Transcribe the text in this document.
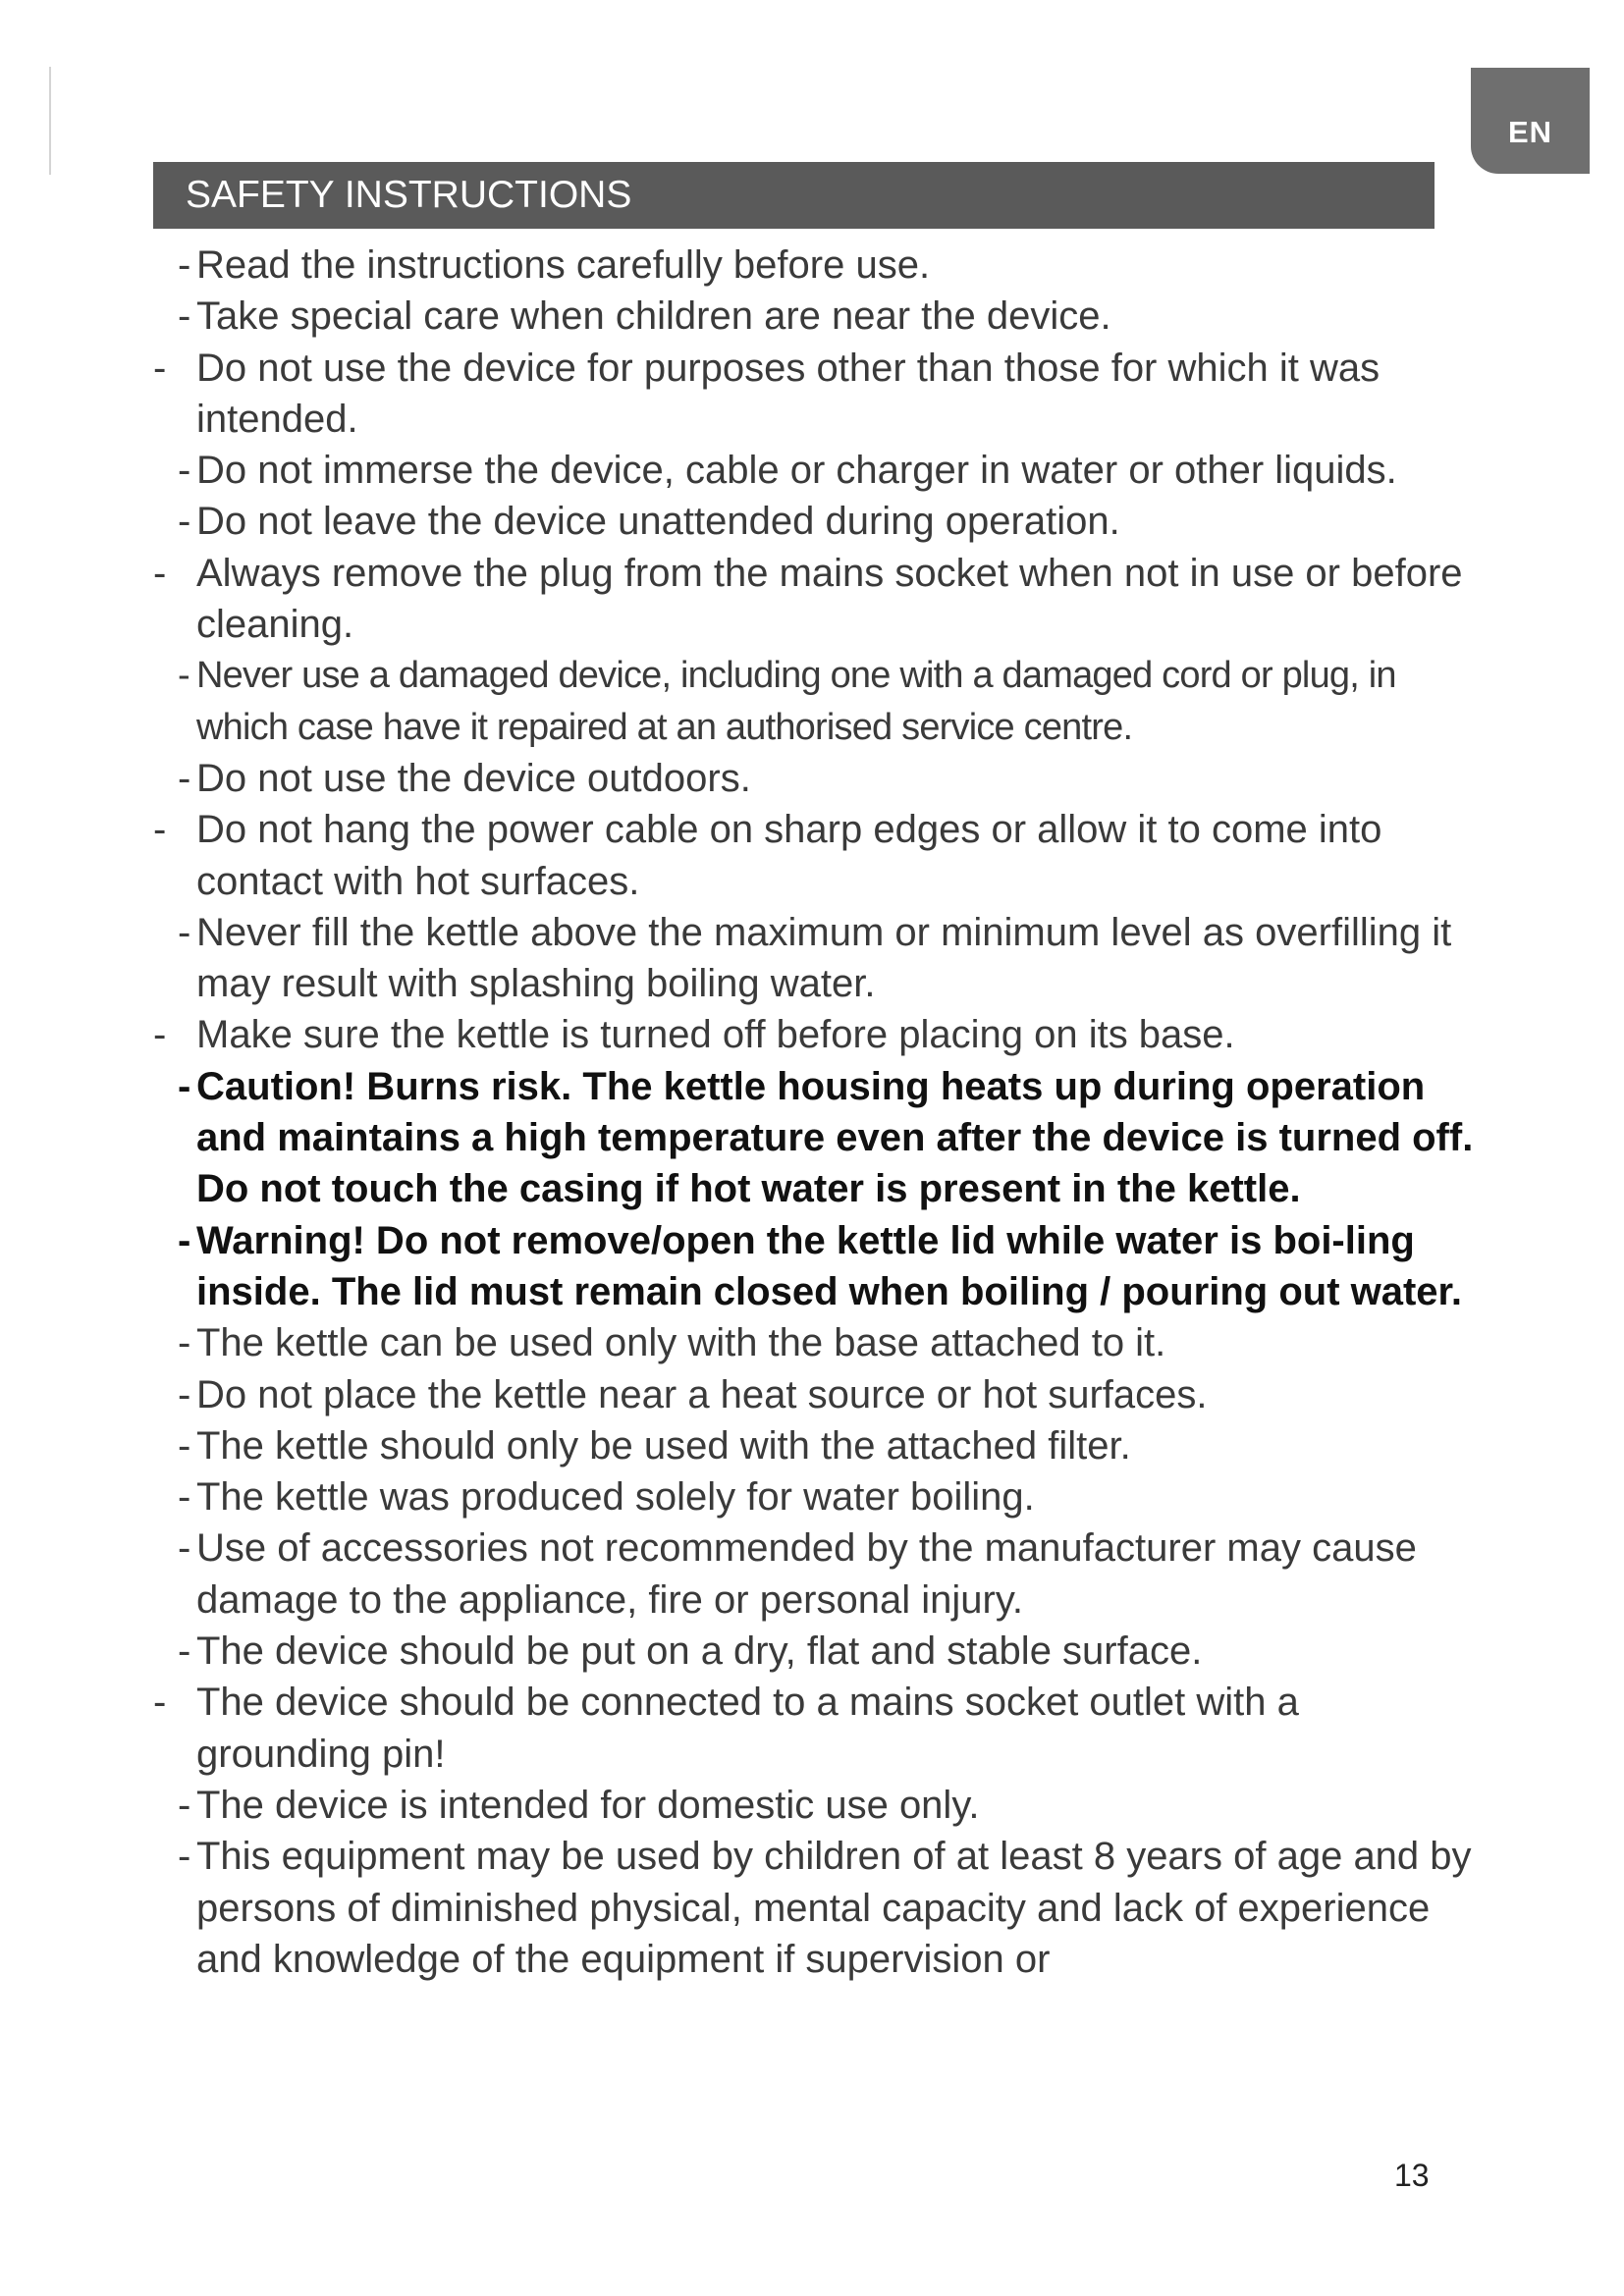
EN
SAFETY INSTRUCTIONS
- Read the instructions carefully before use.
- Take special care when children are near the device.
- Do not use the device for purposes other than those for which it was intended.
- Do not immerse the device, cable or charger in water or other liquids.
- Do not leave the device unattended during operation.
- Always remove the plug from the mains socket when not in use or before cleaning.
- Never use a damaged device, including one with a damaged cord or plug, in which case have it repaired at an authorised service centre.
- Do not use the device outdoors.
- Do not hang the power cable on sharp edges or allow it to come into contact with hot surfaces.
- Never fill the kettle above the maximum or minimum level as overfilling it may result with splashing boiling water.
- Make sure the kettle is turned off before placing on its base.
- Caution! Burns risk. The kettle housing heats up during operation and maintains a high temperature even after the device is turned off. Do not touch the casing if hot water is present in the kettle.
- Warning! Do not remove/open the kettle lid while water is boi-ling inside. The lid must remain closed when boiling / pouring out water.
- The kettle can be used only with the base attached to it.
- Do not place the kettle near a heat source or hot surfaces.
- The kettle should only be used with the attached filter.
- The kettle was produced solely for water boiling.
- Use of accessories not recommended by the manufacturer may cause damage to the appliance, fire or personal injury.
- The device should be put on a dry, flat and stable surface.
- The device should be connected to a mains socket outlet with a grounding pin!
- The device is intended for domestic use only.
- This equipment may be used by children of at least 8 years of age and by persons of diminished physical, mental capacity and lack of experience and knowledge of the equipment if supervision or
13
